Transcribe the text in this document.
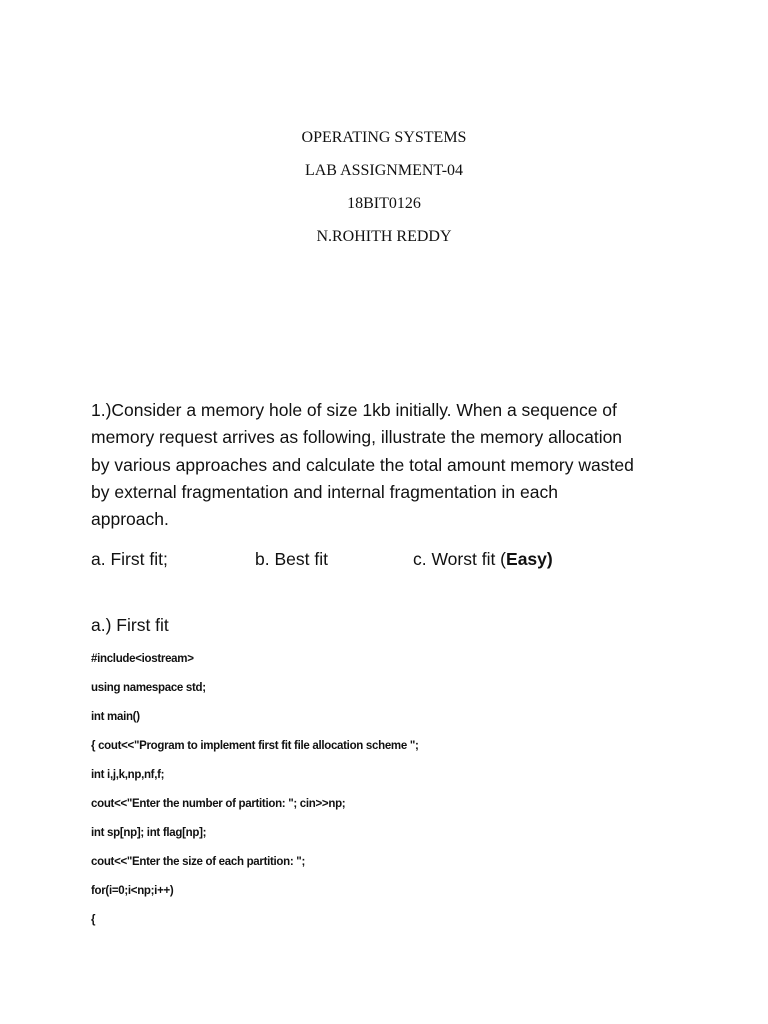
OPERATING SYSTEMS
LAB ASSIGNMENT-04
18BIT0126
N.ROHITH REDDY
1.)Consider a memory hole of size 1kb initially. When a sequence of
memory request arrives as following, illustrate the memory allocation
by various approaches and calculate the total amount memory wasted
by external fragmentation and internal fragmentation in each
approach.
a. First fit;	b. Best fit	c. Worst fit (Easy)
a.) First fit
#include<iostream>
using namespace std;
int main()
{ cout<<"Program to implement first fit file allocation scheme ";
int i,j,k,np,nf,f;
cout<<"Enter the number of partition: "; cin>>np;
int sp[np]; int flag[np];
cout<<"Enter the size of each partition: ";
for(i=0;i<np;i++)
{
